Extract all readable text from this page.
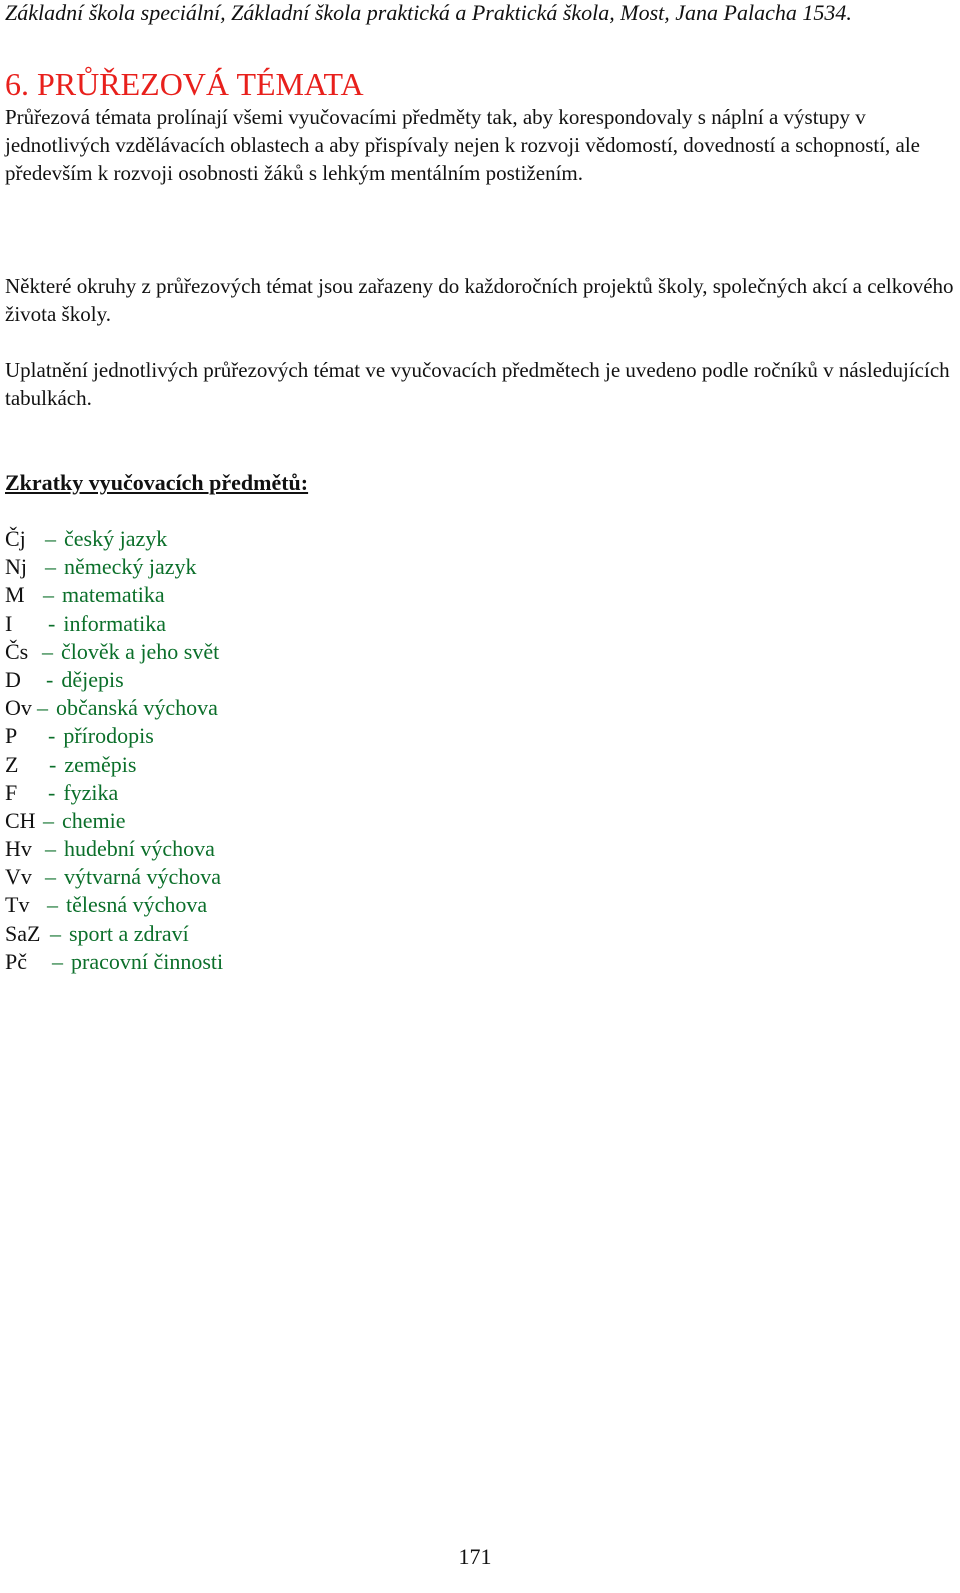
Základní škola speciální, Základní škola praktická a Praktická škola, Most, Jana Palacha 1534.
6. PRŮŘEZOVÁ TÉMATA

Průřezová témata prolínají všemi vyučovacími předměty tak, aby korespondovaly s náplní a výstupy v jednotlivých vzdělávacích oblastech a aby přispívaly nejen k rozvoji vědomostí, dovedností a schopností, ale především k rozvoji osobnosti žáků s lehkým mentálním postižením.

Některé okruhy z průřezových témat jsou zařazeny do každoročních projektů školy, společných akcí a celkového života školy.

Uplatnění jednotlivých průřezových témat ve vyučovacích předmětech je uvedeno podle ročníků v následujících tabulkách.

Zkratky vyučovacích předmětů:
Čj – český jazyk
Nj – německý jazyk
M – matematika
I	- informatika
Čs – člověk a jeho svět
D	- dějepis
Ov – občanská výchova
P	- přírodopis
Z	- zeměpis
F	- fyzika
CH – chemie
Hv – hudební výchova
Vv – výtvarná výchova
Tv – tělesná výchova
SaZ – sport a zdraví
Pč	– pracovní činnosti
171
